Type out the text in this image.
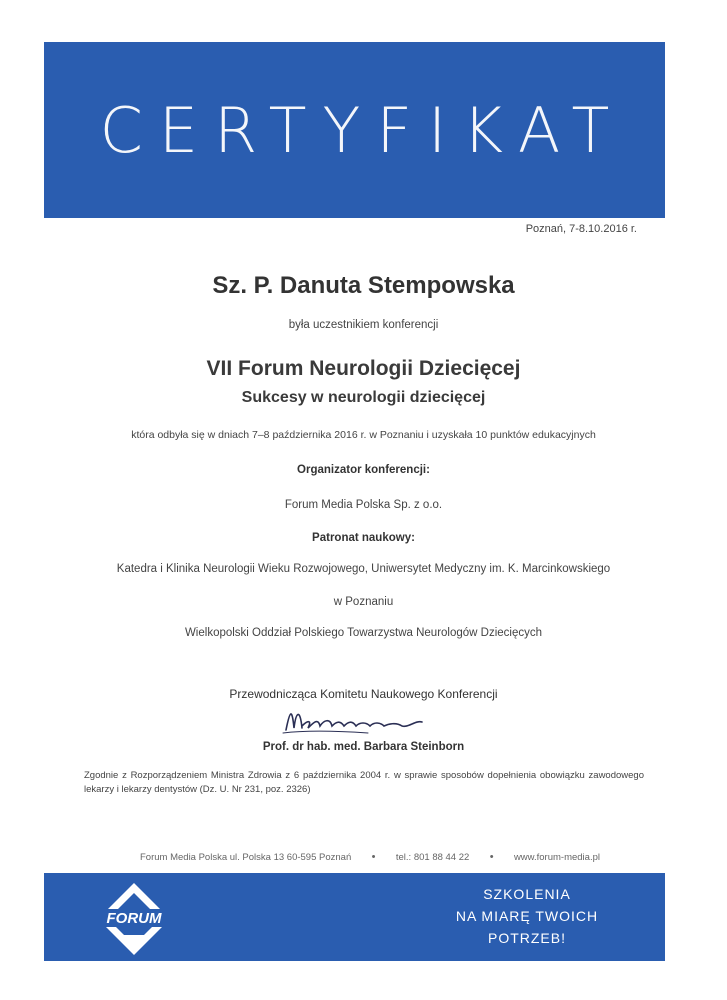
CERTYFIKAT
Poznań, 7-8.10.2016 r.
Sz. P. Danuta Stempowska
była uczestnikiem konferencji
VII Forum Neurologii Dziecięcej
Sukcesy w neurologii dziecięcej
która odbyła się w dniach 7–8 października 2016 r. w Poznaniu i uzyskała 10 punktów edukacyjnych
Organizator konferencji:
Forum Media Polska Sp. z o.o.
Patronat naukowy:
Katedra i Klinika Neurologii Wieku Rozwojowego, Uniwersytet Medyczny im. K. Marcinkowskiego
w Poznaniu
Wielkopolski Oddział Polskiego Towarzystwa Neurologów Dziecięcych
Przewodnicząca Komitetu Naukowego Konferencji
Prof. dr hab. med. Barbara Steinborn
Zgodnie z Rozporządzeniem Ministra Zdrowia z 6 października 2004 r. w sprawie sposobów dopełnienia obowiązku zawodowego lekarzy i lekarzy dentystów (Dz. U. Nr 231, poz. 2326)
Forum Media Polska ul. Polska 13 60-595 Poznań • tel.: 801 88 44 22 • www.forum-media.pl
FORUM
SZKOLENIA
NA MIARĘ TWOICH
POTRZEB!
